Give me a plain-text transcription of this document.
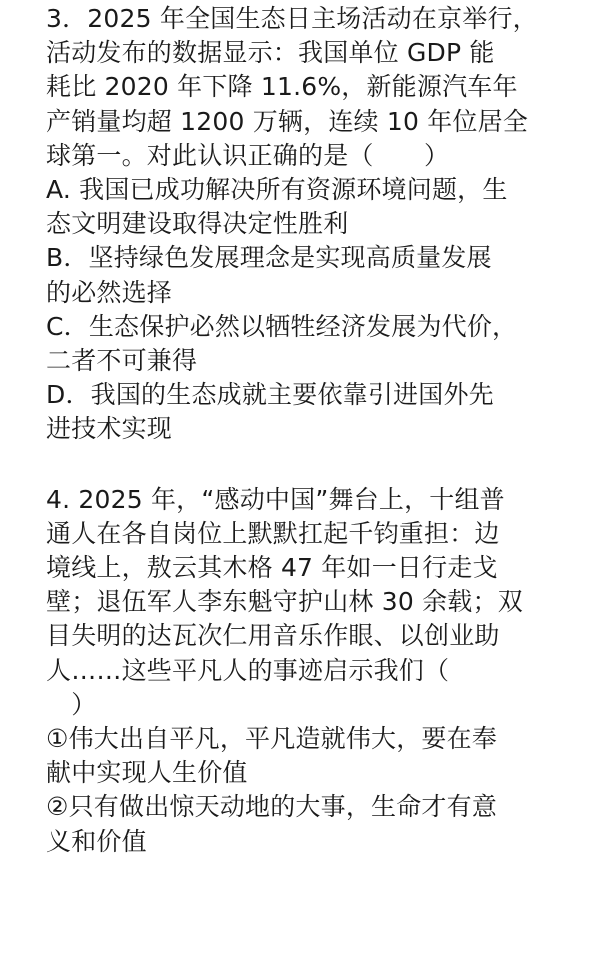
3．2025 年全国生态日主场活动在京举行，
活动发布的数据显示：我国单位 GDP 能
耗比 2020 年下降 11.6%，新能源汽车年
产销量均超 1200 万辆，连续 10 年位居全
球第一。对此认识正确的是（　　）
A. 我国已成功解决所有资源环境问题，生
态文明建设取得决定性胜利
B．坚持绿色发展理念是实现高质量发展
的必然选择
C．生态保护必然以牺牲经济发展为代价，
二者不可兼得
D．我国的生态成就主要依靠引进国外先
进技术实现
4. 2025 年，“感动中国”舞台上，十组普
通人在各自岗位上默默扛起千钧重担：边
境线上，敖云其木格 47 年如一日行走戈
壁；退伍军人李东魁守护山林 30 余载；双
目失明的达瓦次仁用音乐作眼、以创业助
人……这些平凡人的事迹启示我们（
　）
①伟大出自平凡，平凡造就伟大，要在奉
献中实现人生价值
②只有做出惊天动地的大事，生命才有意
义和价值
